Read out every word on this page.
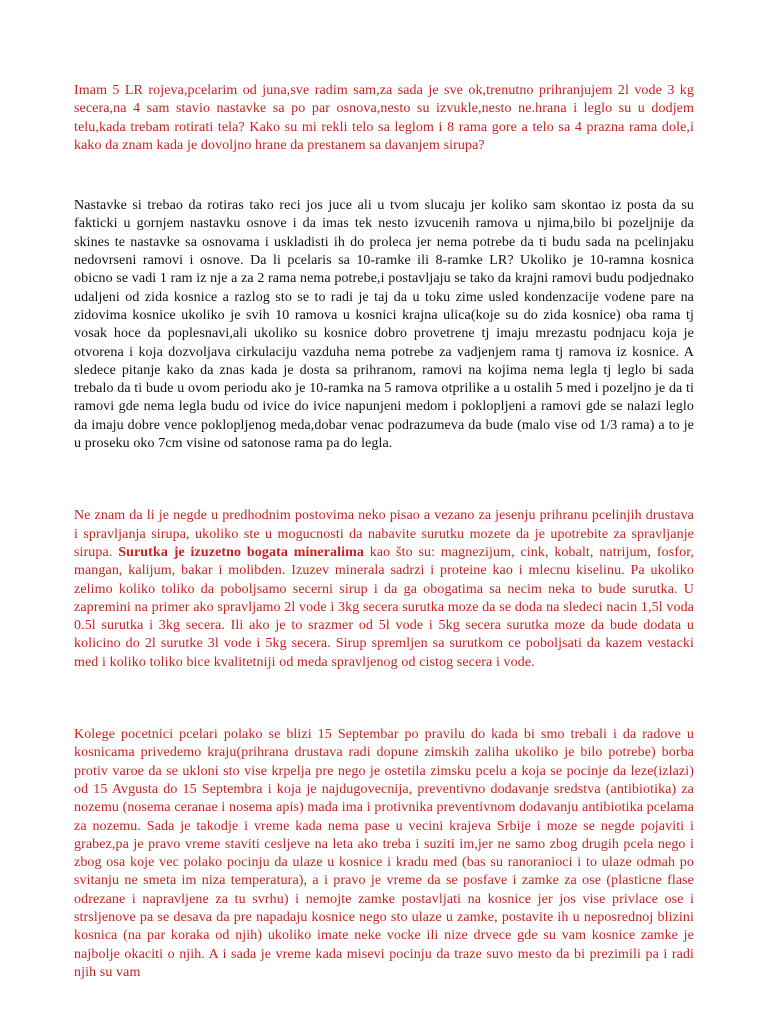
Imam 5 LR rojeva,pcelarim od juna,sve radim sam,za sada je sve ok,trenutno prihranjujem 2l vode 3 kg secera,na 4 sam stavio nastavke sa po par osnova,nesto su izvukle,nesto ne.hrana i leglo su u dodjem telu,kada trebam rotirati tela? Kako su mi rekli telo sa leglom i 8 rama gore a telo sa 4 prazna rama dole,i kako da znam kada je dovoljno hrane da prestanem sa davanjem sirupa?

Nastavke si trebao da rotiras tako reci jos juce ali u tvom slucaju jer koliko sam skontao iz posta da su fakticki u gornjem nastavku osnove i da imas tek nesto izvucenih ramova u njima,bilo bi pozeljnije da skines te nastavke sa osnovama i uskladisti ih do proleca jer nema potrebe da ti budu sada na pcelinjaku nedovrseni ramovi i osnove. Da li pcelaris sa 10-ramke ili 8-ramke LR? Ukoliko je 10-ramna kosnica obicno se vadi 1 ram iz nje a za 2 rama nema potrebe,i postavljaju se tako da krajni ramovi budu podjednako udaljeni od zida kosnice a razlog sto se to radi je taj da u toku zime usled kondenzacije vodene pare na zidovima kosnice ukoliko je svih 10 ramova u kosnici krajna ulica(koje su do zida kosnice) oba rama tj vosak hoce da poplesnavi,ali ukoliko su kosnice dobro provetrene tj imaju mrezastu podnjacu koja je otvorena i koja dozvoljava cirkulaciju vazduha nema potrebe za vadjenjem rama tj ramova iz kosnice. A sledece pitanje kako da znas kada je dosta sa prihranom, ramovi na kojima nema legla tj leglo bi sada trebalo da ti bude u ovom periodu ako je 10-ramka na 5 ramova otprilike a u ostalih 5 med i pozeljno je da ti ramovi gde nema legla budu od ivice do ivice napunjeni medom i poklopljeni a ramovi gde se nalazi leglo da imaju dobre vence poklopljenog meda,dobar venac podrazumeva da bude (malo vise od 1/3 rama) a to je u proseku oko 7cm visine od satonose rama pa do legla.

Ne znam da li je negde u predhodnim postovima neko pisao a vezano za jesenju prihranu pcelinjih drustava i spravljanja sirupa, ukoliko ste u mogucnosti da nabavite surutku mozete da je upotrebite za spravljanje sirupa. Surutka je izuzetno bogata mineralima kao što su: magnezijum, cink, kobalt, natrijum, fosfor, mangan, kalijum, bakar i molibden. Izuzev minerala sadrzi i proteine kao i mlecnu kiselinu. Pa ukoliko zelimo koliko toliko da poboljsamo secerni sirup i da ga obogatima sa necim neka to bude surutka. U zapremini na primer ako spravljamo 2l vode i 3kg secera surutka moze da se doda na sledeci nacin 1,5l voda 0.5l surutka i 3kg secera. Ili ako je to srazmer od 5l vode i 5kg secera surutka moze da bude dodata u kolicino do 2l surutke 3l vode i 5kg secera. Sirup spremljen sa surutkom ce poboljsati da kazem vestacki med i koliko toliko bice kvalitetniji od meda spravljenog od cistog secera i vode.

Kolege pocetnici pcelari polako se blizi 15 Septembar po pravilu do kada bi smo trebali i da radove u kosnicama privedemo kraju(prihrana drustava radi dopune zimskih zaliha ukoliko je bilo potrebe) borba protiv varoe da se ukloni sto vise krpelja pre nego je ostetila zimsku pcelu a koja se pocinje da leze(izlazi) od 15 Avgusta do 15 Septembra i koja je najdugovecnija, preventivno dodavanje sredstva (antibiotika) za nozemu (nosema ceranae i nosema apis) mada ima i protivnika preventivnom dodavanju antibiotika pcelama za nozemu. Sada je takodje i vreme kada nema pase u vecini krajeva Srbije i moze se negde pojaviti i grabez,pa je pravo vreme staviti cesljeve na leta ako treba i suziti im,jer ne samo zbog drugih pcela nego i zbog osa koje vec polako pocinju da ulaze u kosnice i kradu med (bas su ranoranioci i to ulaze odmah po svitanju ne smeta im niza temperatura), a i pravo je vreme da se posfave i zamke za ose (plasticne flase odrezane i napravljene za tu svrhu) i nemojte zamke postavljati na kosnice jer jos vise privlace ose i strsljenove pa se desava da pre napadaju kosnice nego sto ulaze u zamke, postavite ih u neposrednoj blizini kosnica (na par koraka od njih) ukoliko imate neke vocke ili nize drvece gde su vam kosnice zamke je najbolje okaciti o njih. A i sada je vreme kada misevi pocinju da traze suvo mesto da bi prezimili pa i radi njih su vam
